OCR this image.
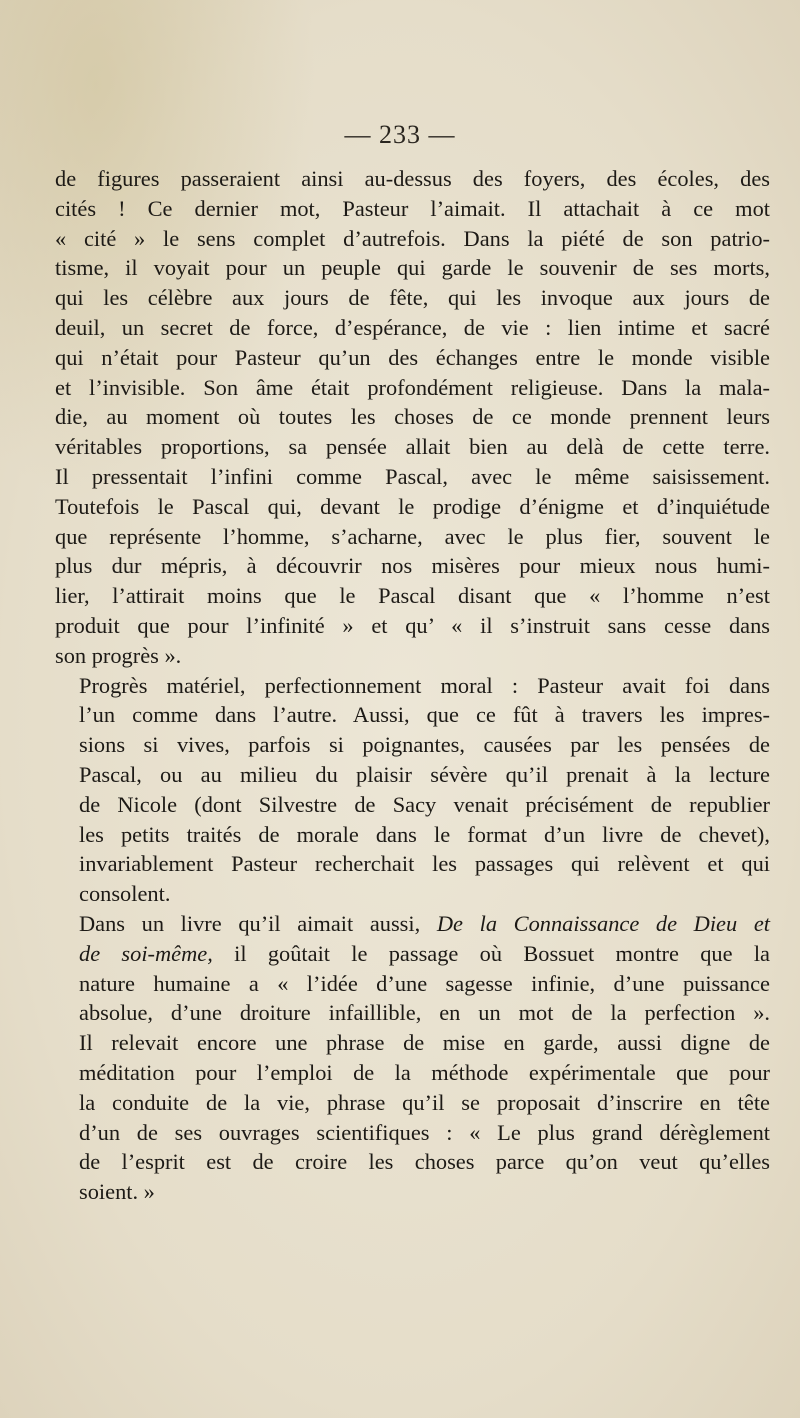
— 233 —

de figures passeraient ainsi au-dessus des foyers, des écoles, des
cités ! Ce dernier mot, Pasteur l’aimait. Il attachait à ce mot
« cité » le sens complet d’autrefois. Dans la piété de son patrio-
tisme, il voyait pour un peuple qui garde le souvenir de ses morts,
qui les célèbre aux jours de fête, qui les invoque aux jours de
deuil, un secret de force, d’espérance, de vie : lien intime et sacré
qui n’était pour Pasteur qu’un des échanges entre le monde visible
et l’invisible. Son âme était profondément religieuse. Dans la mala-
die, au moment où toutes les choses de ce monde prennent leurs
véritables proportions, sa pensée allait bien au delà de cette terre.
Il pressentait l’infini comme Pascal, avec le même saisissement.
Toutefois le Pascal qui, devant le prodige d’énigme et d’inquiétude
que représente l’homme, s’acharne, avec le plus fier, souvent le
plus dur mépris, à découvrir nos misères pour mieux nous humi-
lier, l’attirait moins que le Pascal disant que « l’homme n’est
produit que pour l’infinité » et qu’ « il s’instruit sans cesse dans
son progrès ».

Progrès matériel, perfectionnement moral : Pasteur avait foi dans
l’un comme dans l’autre. Aussi, que ce fût à travers les impres-
sions si vives, parfois si poignantes, causées par les pensées de
Pascal, ou au milieu du plaisir sévère qu’il prenait à la lecture
de Nicole (dont Silvestre de Sacy venait précisément de republier
les petits traités de morale dans le format d’un livre de chevet),
invariablement Pasteur recherchait les passages qui relèvent et qui
consolent.

Dans un livre qu’il aimait aussi, De la Connaissance de Dieu et
de soi-même, il goûtait le passage où Bossuet montre que la
nature humaine a « l’idée d’une sagesse infinie, d’une puissance
absolue, d’une droiture infaillible, en un mot de la perfection ».
Il relevait encore une phrase de mise en garde, aussi digne de
méditation pour l’emploi de la méthode expérimentale que pour
la conduite de la vie, phrase qu’il se proposait d’inscrire en tête
d’un de ses ouvrages scientifiques : « Le plus grand dérèglement
de l’esprit est de croire les choses parce qu’on veut qu’elles
soient. »
